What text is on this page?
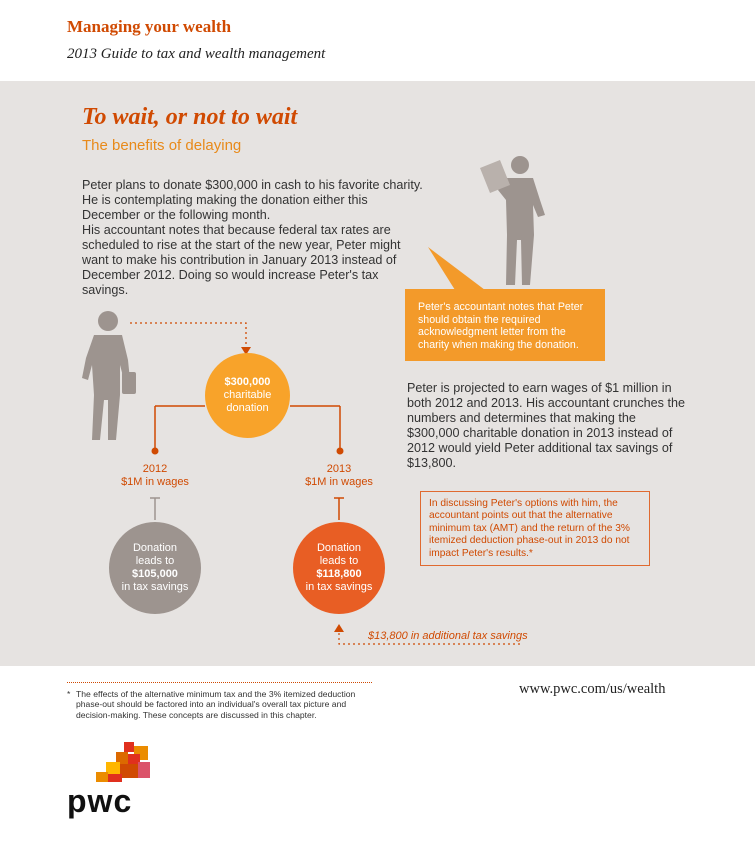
Managing your wealth
2013 Guide to tax and wealth management
To wait, or not to wait
The benefits of delaying
Peter plans to donate $300,000 in cash to his favorite charity. He is contemplating making the donation either this December or the following month.
His accountant notes that because federal tax rates are scheduled to rise at the start of the new year, Peter might want to make his contribution in January 2013 instead of December 2012. Doing so would increase Peter's tax savings.
Peter's accountant notes that Peter should obtain the required acknowledgment letter from the charity when making the donation.
$300,000
charitable
donation
2012
$1M in wages
2013
$1M in wages
Donation
leads to
$105,000
in tax savings
Donation
leads to
$118,800
in tax savings
$13,800 in additional tax savings
Peter is projected to earn wages of $1 million in both 2012 and 2013. His accountant crunches the numbers and determines that making the $300,000 charitable donation in 2013 instead of 2012 would yield Peter additional tax savings of $13,800.
In discussing Peter's options with him, the accountant points out that the alternative minimum tax (AMT) and the return of the 3% itemized deduction phase-out in 2013 do not impact Peter's results.*
* The effects of the alternative minimum tax and the 3% itemized deduction phase-out should be factored into an individual's overall tax picture and decision-making. These concepts are discussed in this chapter.
www.pwc.com/us/wealth
pwc
